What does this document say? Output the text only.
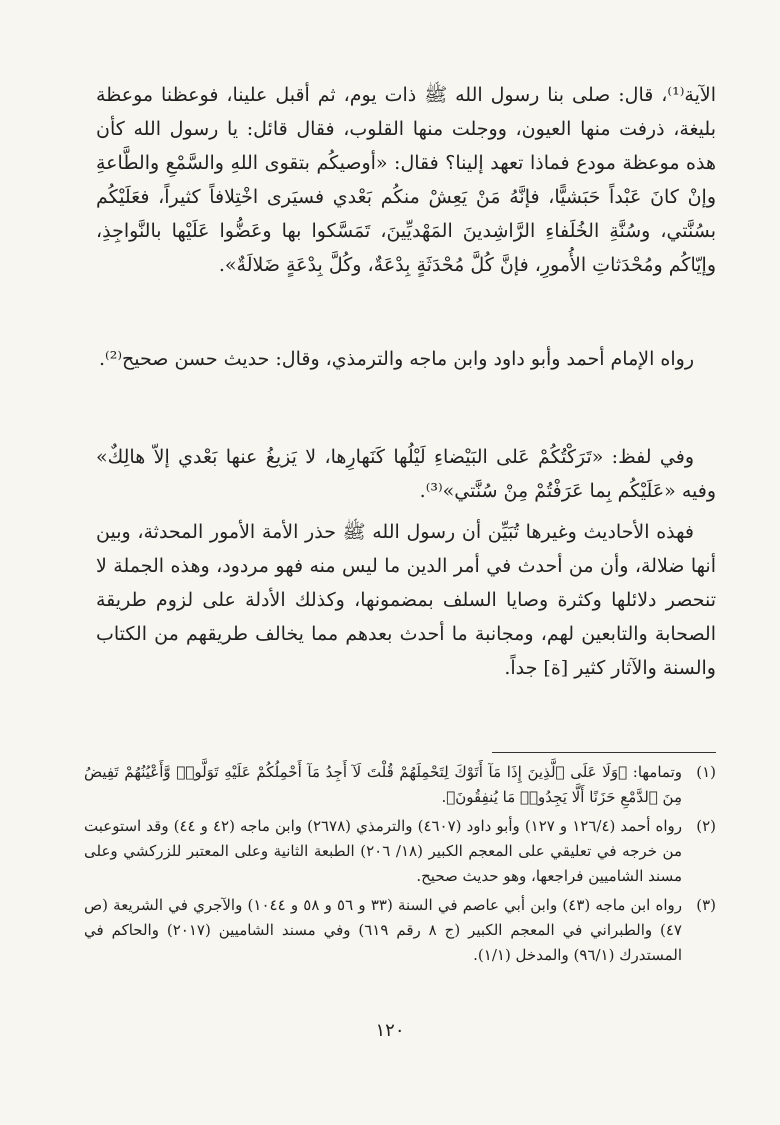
الآية⁽¹⁾، قال: صلى بنا رسول الله ﷺ ذات يوم، ثم أقبل علينا، فوعظنا موعظة بليغة، ذرفت منها العيون، ووجلت منها القلوب، فقال قائل: يا رسول الله كأن هذه موعظة مودع فماذا تعهد إلينا؟ فقال: «أوصيكُم بتقوى اللهِ والسَّمْعِ والطَّاعةِ وإنْ كانَ عَبْداً حَبَشيًّا، فإنَّهُ مَنْ يَعِشْ منكُم بَعْدي فسيَرى اخْتِلافاً كثيراً، فعَلَيْكُم بسُنَّتي، وسُنَّةِ الخُلَفاءِ الرَّاشِدينَ المَهْديِّينَ، تَمَسَّكوا بها وعَضُّوا عَلَيْها بالنَّواجِذِ، وإيّاكُم ومُحْدَثاتِ الأُمورِ، فإنَّ كُلَّ مُحْدَثَةٍ بِدْعَةٌ، وكُلَّ بِدْعَةٍ ضَلالَةٌ».

رواه الإمام أحمد وأبو داود وابن ماجه والترمذي، وقال: حديث حسن صحيح⁽²⁾.

وفي لفظ: «تَرَكْتُكُمْ عَلى البَيْضاءِ لَيْلُها كَنَهارِها، لا يَزيغُ عنها بَعْدي إلاّ هالِكٌ» وفيه «عَلَيْكُم بِما عَرَفْتُمْ مِنْ سُنَّتي»⁽³⁾.

فهذه الأحاديث وغيرها تُبَيِّن أن رسول الله ﷺ حذر الأمة الأمور المحدثة، وبين أنها ضلالة، وأن من أحدث في أمر الدين ما ليس منه فهو مردود، وهذه الجملة لا تنحصر دلائلها وكثرة وصايا السلف بمضمونها، وكذلك الأدلة على لزوم طريقة الصحابة والتابعين لهم، ومجانبة ما أحدث بعدهم مما يخالف طريقهم من الكتاب والسنة والآثار كثير [ة] جداً.

(١)
وتمامها: ﴿وَلَا عَلَى ٱلَّذِينَ إِذَا مَآ أَتَوْكَ لِتَحْمِلَهُمْ قُلْتَ لَآ أَجِدُ مَآ أَحْمِلُكُمْ عَلَيْهِ تَوَلَّوا۟ وَّأَعْيُنُهُمْ تَفِيضُ مِنَ ٱلدَّمْعِ حَزَنًا أَلَّا يَجِدُوا۟ مَا يُنفِقُونَ﴾.
(٢)
رواه أحمد (١٢٦/٤ و ١٢٧) وأبو داود (٤٦٠٧) والترمذي (٢٦٧٨) وابن ماجه (٤٢ و ٤٤) وقد استوعبت من خرجه في تعليقي على المعجم الكبير (١٨/ ٢٠٦) الطبعة الثانية وعلى المعتبر للزركشي وعلى مسند الشاميين فراجعها، وهو حديث صحيح.
(٣)
رواه ابن ماجه (٤٣) وابن أبي عاصم في السنة (٣٣ و ٥٦ و ٥٨ و ١٠٤٤) والآجري في الشريعة (ص ٤٧) والطبراني في المعجم الكبير (ج ٨ رقم ٦١٩) وفي مسند الشاميين (٢٠١٧) والحاكم في المستدرك (٩٦/١) والمدخل (١/١).
١٢٠
